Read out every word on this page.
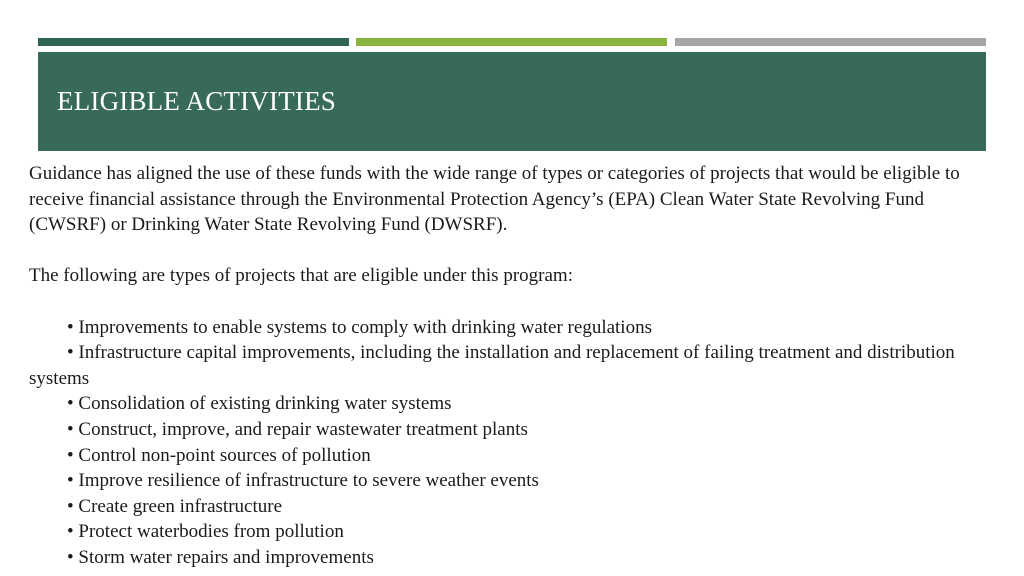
ELIGIBLE ACTIVITIES

Guidance has aligned the use of these funds with the wide range of types or categories of projects that would be eligible to receive financial assistance through the Environmental Protection Agency’s (EPA) Clean Water State Revolving Fund (CWSRF) or Drinking Water State Revolving Fund (DWSRF).

The following are types of projects that are eligible under this program:

• Improvements to enable systems to comply with drinking water regulations
• Infrastructure capital improvements, including the installation and replacement of failing treatment and distribution systems
• Consolidation of existing drinking water systems
• Construct, improve, and repair wastewater treatment plants
• Control non-point sources of pollution
• Improve resilience of infrastructure to severe weather events
• Create green infrastructure
• Protect waterbodies from pollution
• Storm water repairs and improvements
